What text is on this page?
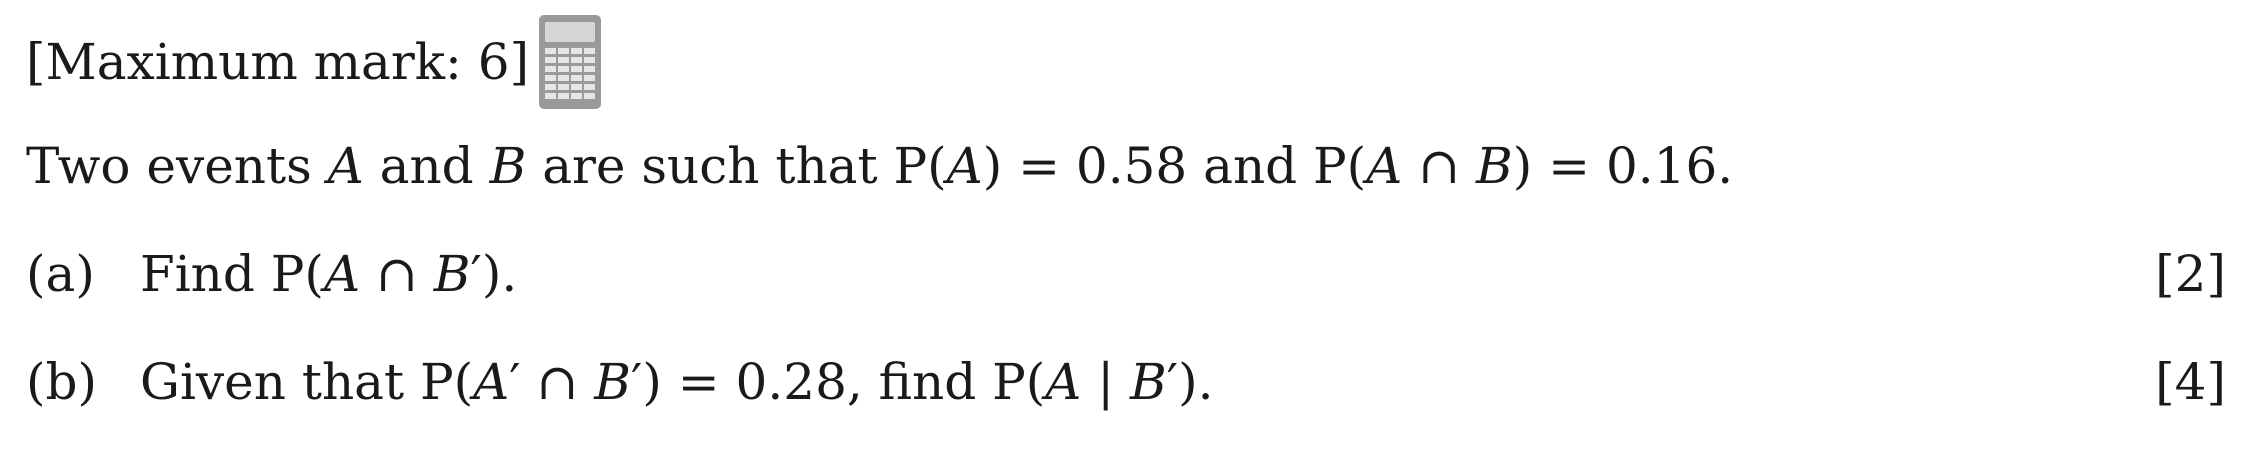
[Maximum mark: 6]
Two events A and B are such that P(A) = 0.58 and P(A ∩ B) = 0.16.
(a) Find P(A ∩ B′).	[2]
(b) Given that P(A′ ∩ B′) = 0.28, find P(A | B′).	[4]
